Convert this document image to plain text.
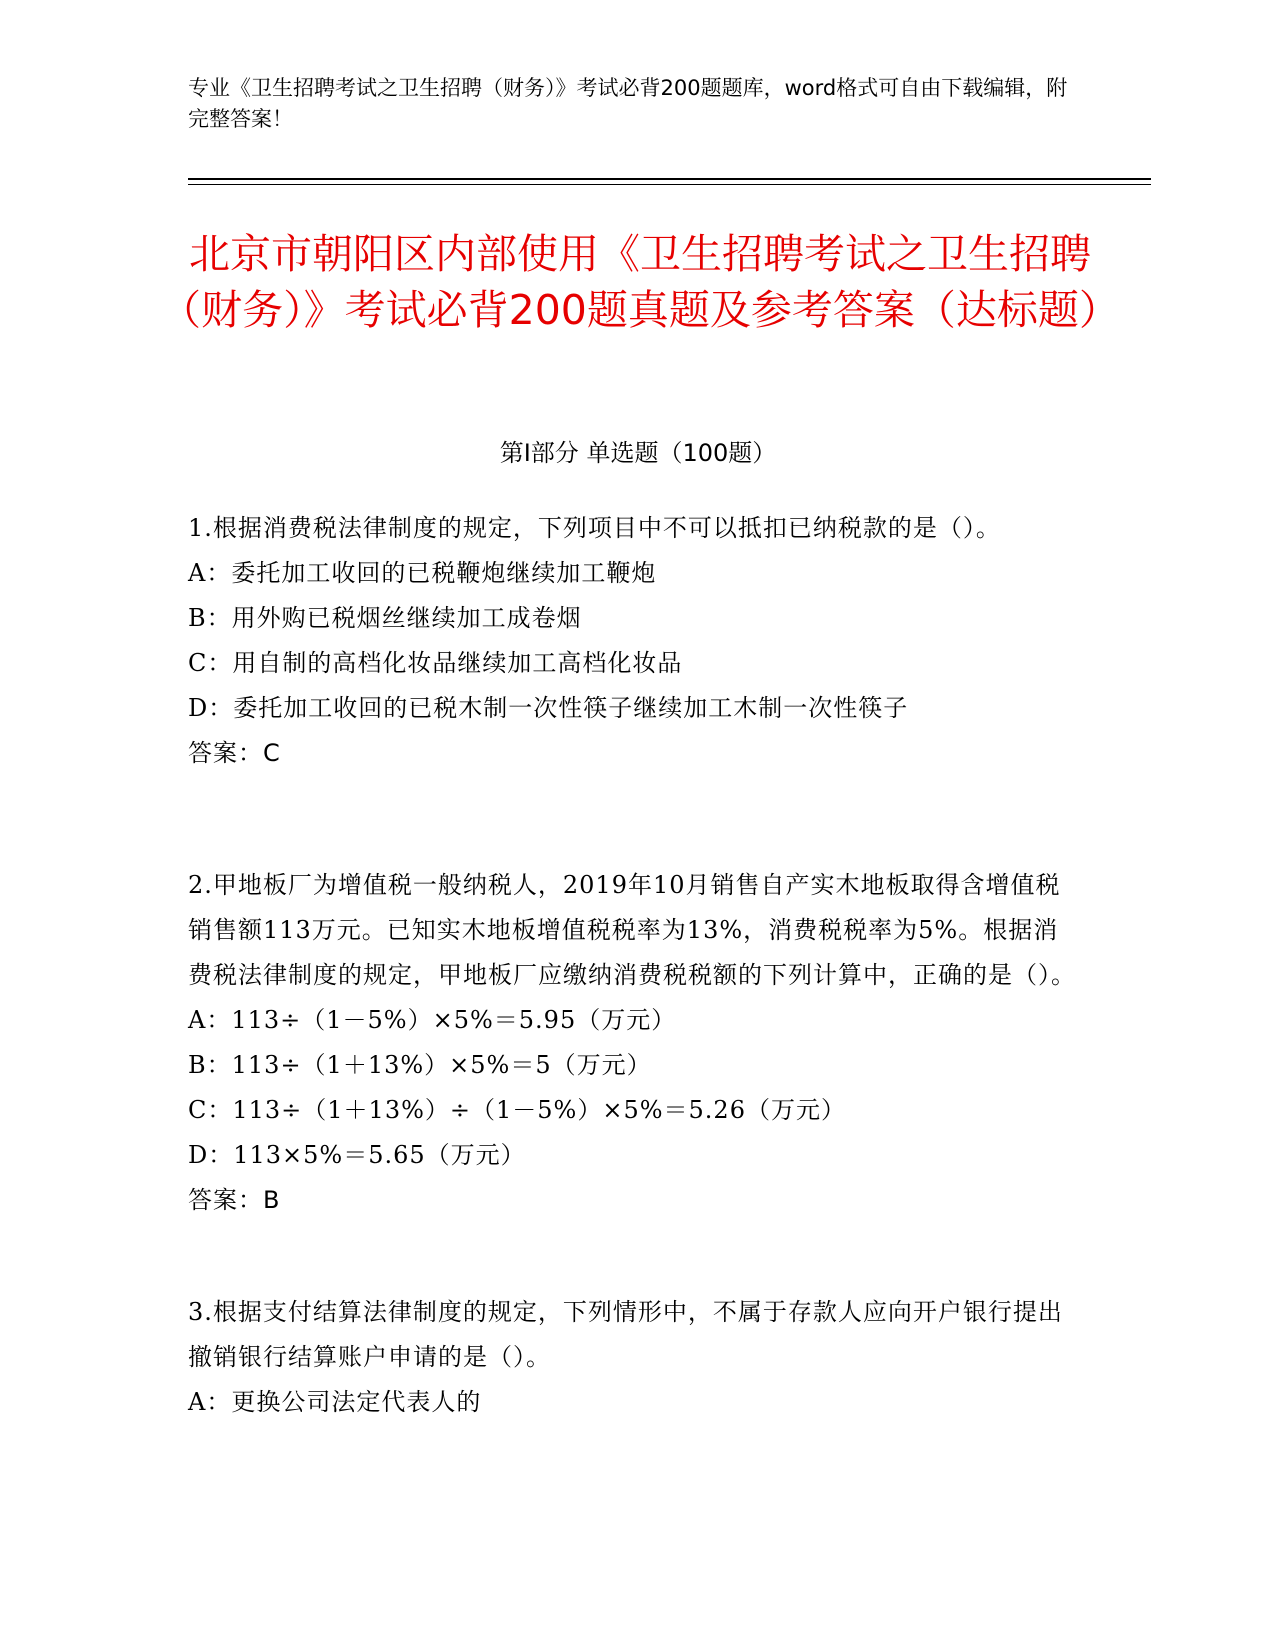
专业《卫生招聘考试之卫生招聘（财务）》考试必背200题题库，word格式可自由下载编辑，附完整答案！
北京市朝阳区内部使用《卫生招聘考试之卫生招聘（财务）》考试必背200题真题及参考答案（达标题）
第Ⅰ部分 单选题（100题）

1.根据消费税法律制度的规定，下列项目中不可以抵扣已纳税款的是（）。

A：委托加工收回的已税鞭炮继续加工鞭炮

B：用外购已税烟丝继续加工成卷烟

C：用自制的高档化妆品继续加工高档化妆品

D：委托加工收回的已税木制一次性筷子继续加工木制一次性筷子

答案：C

2.甲地板厂为增值税一般纳税人，2019年10月销售自产实木地板取得含增值税销售额113万元。已知实木地板增值税税率为13%，消费税税率为5%。根据消费税法律制度的规定，甲地板厂应缴纳消费税税额的下列计算中，正确的是（）。

A：113÷（1－5%）×5%＝5.95（万元）

B：113÷（1＋13%）×5%＝5（万元）

C：113÷（1＋13%）÷（1－5%）×5%＝5.26（万元）

D：113×5%＝5.65（万元）

答案：B

3.根据支付结算法律制度的规定，下列情形中，不属于存款人应向开户银行提出撤销银行结算账户申请的是（）。

A：更换公司法定代表人的
